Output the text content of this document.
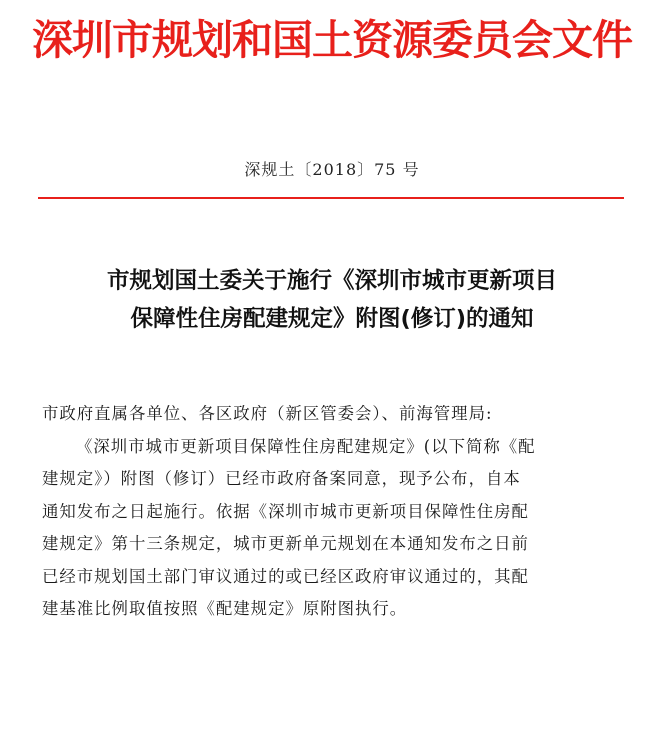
深圳市规划和国土资源委员会文件
深规土〔2018〕75 号
市规划国土委关于施行《深圳市城市更新项目
保障性住房配建规定》附图(修订)的通知
市政府直属各单位、各区政府（新区管委会）、前海管理局:
《深圳市城市更新项目保障性住房配建规定》(以下简称《配
建规定》）附图（修订）已经市政府备案同意，现予公布，自本
通知发布之日起施行。依据《深圳市城市更新项目保障性住房配
建规定》第十三条规定，城市更新单元规划在本通知发布之日前
已经市规划国土部门审议通过的或已经区政府审议通过的，其配
建基准比例取值按照《配建规定》原附图执行。
